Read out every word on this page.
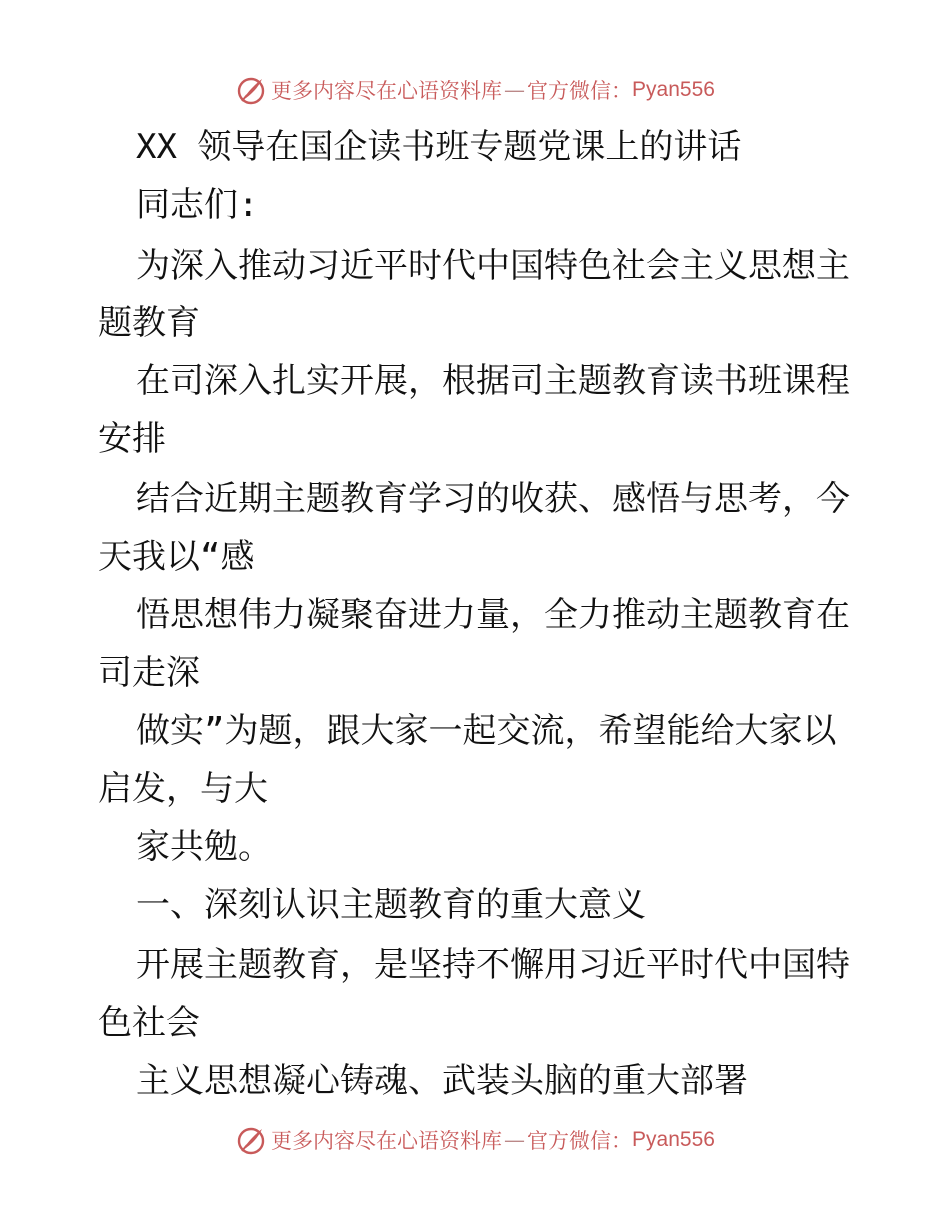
更多内容尽在心语资料库 — 官方微信： Pyan556
XX 领导在国企读书班专题党课上的讲话
同志们:
为深入推动习近平时代中国特色社会主义思想主
题教育
在司深入扎实开展，根据司主题教育读书班课程
安排
结合近期主题教育学习的收获、感悟与思考，今
天我以“感
悟思想伟力凝聚奋进力量，全力推动主题教育在
司走深
做实”为题，跟大家一起交流，希望能给大家以
启发，与大
家共勉。
一、深刻认识主题教育的重大意义
开展主题教育，是坚持不懈用习近平时代中国特
色社会
主义思想凝心铸魂、武装头脑的重大部署
更多内容尽在心语资料库 — 官方微信： Pyan556
